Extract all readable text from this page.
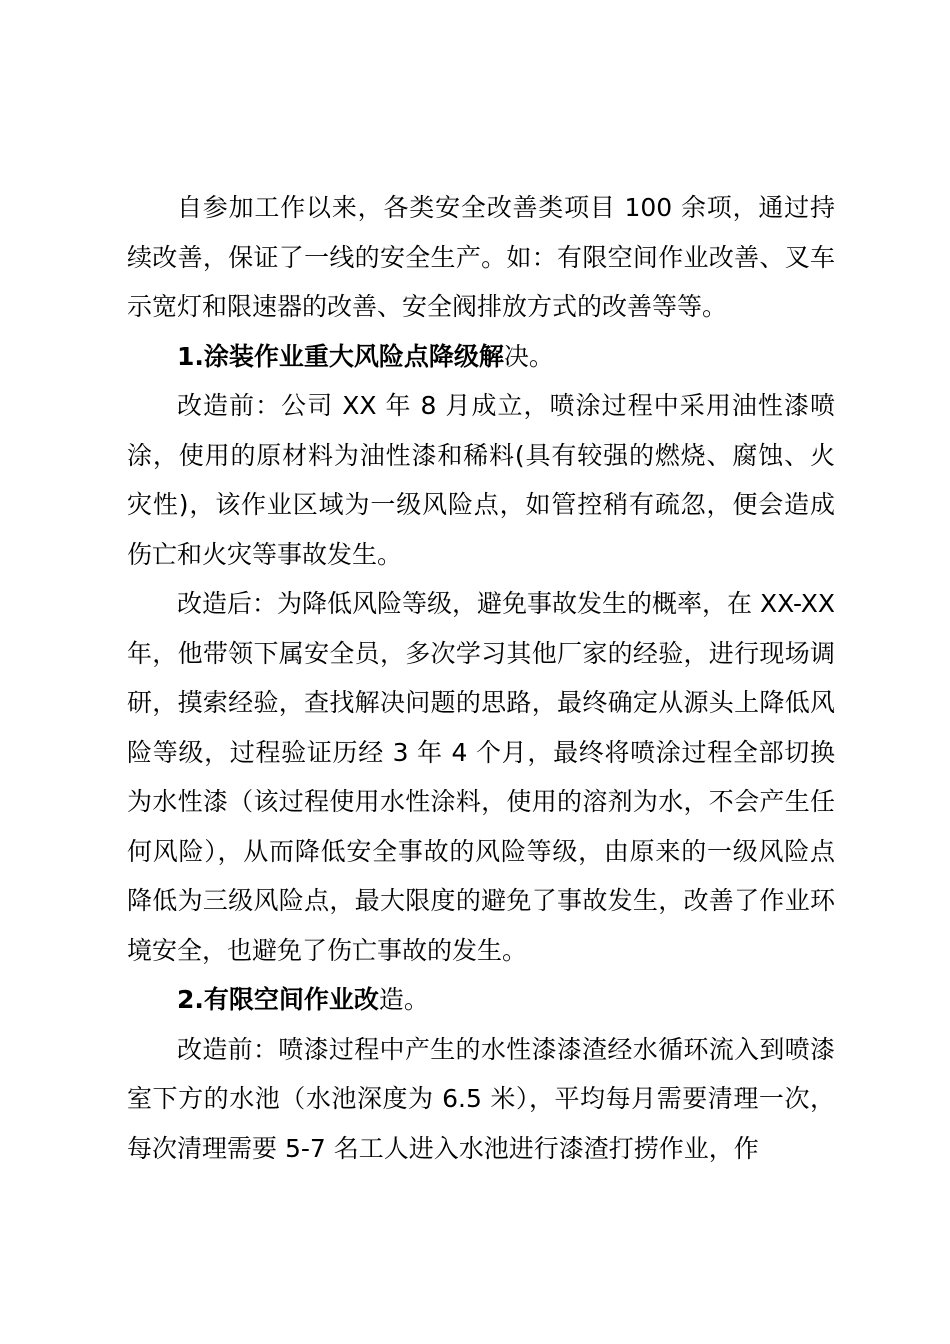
自参加工作以来，各类安全改善类项目 100 余项，通过持续改善，保证了一线的安全生产。如：有限空间作业改善、叉车示宽灯和限速器的改善、安全阀排放方式的改善等等。

1.涂装作业重大风险点降级解决。

改造前：公司 XX 年 8 月成立，喷涂过程中采用油性漆喷涂，使用的原材料为油性漆和稀料(具有较强的燃烧、腐蚀、火灾性)，该作业区域为一级风险点，如管控稍有疏忽，便会造成伤亡和火灾等事故发生。

改造后：为降低风险等级，避免事故发生的概率，在 XX-XX 年，他带领下属安全员，多次学习其他厂家的经验，进行现场调研，摸索经验，查找解决问题的思路，最终确定从源头上降低风险等级，过程验证历经 3 年 4 个月，最终将喷涂过程全部切换为水性漆（该过程使用水性涂料，使用的溶剂为水，不会产生任何风险），从而降低安全事故的风险等级，由原来的一级风险点降低为三级风险点，最大限度的避免了事故发生，改善了作业环境安全，也避免了伤亡事故的发生。

2.有限空间作业改造。

改造前：喷漆过程中产生的水性漆漆渣经水循环流入到喷漆室下方的水池（水池深度为 6.5 米），平均每月需要清理一次，每次清理需要 5-7 名工人进入水池进行漆渣打捞作业，作
